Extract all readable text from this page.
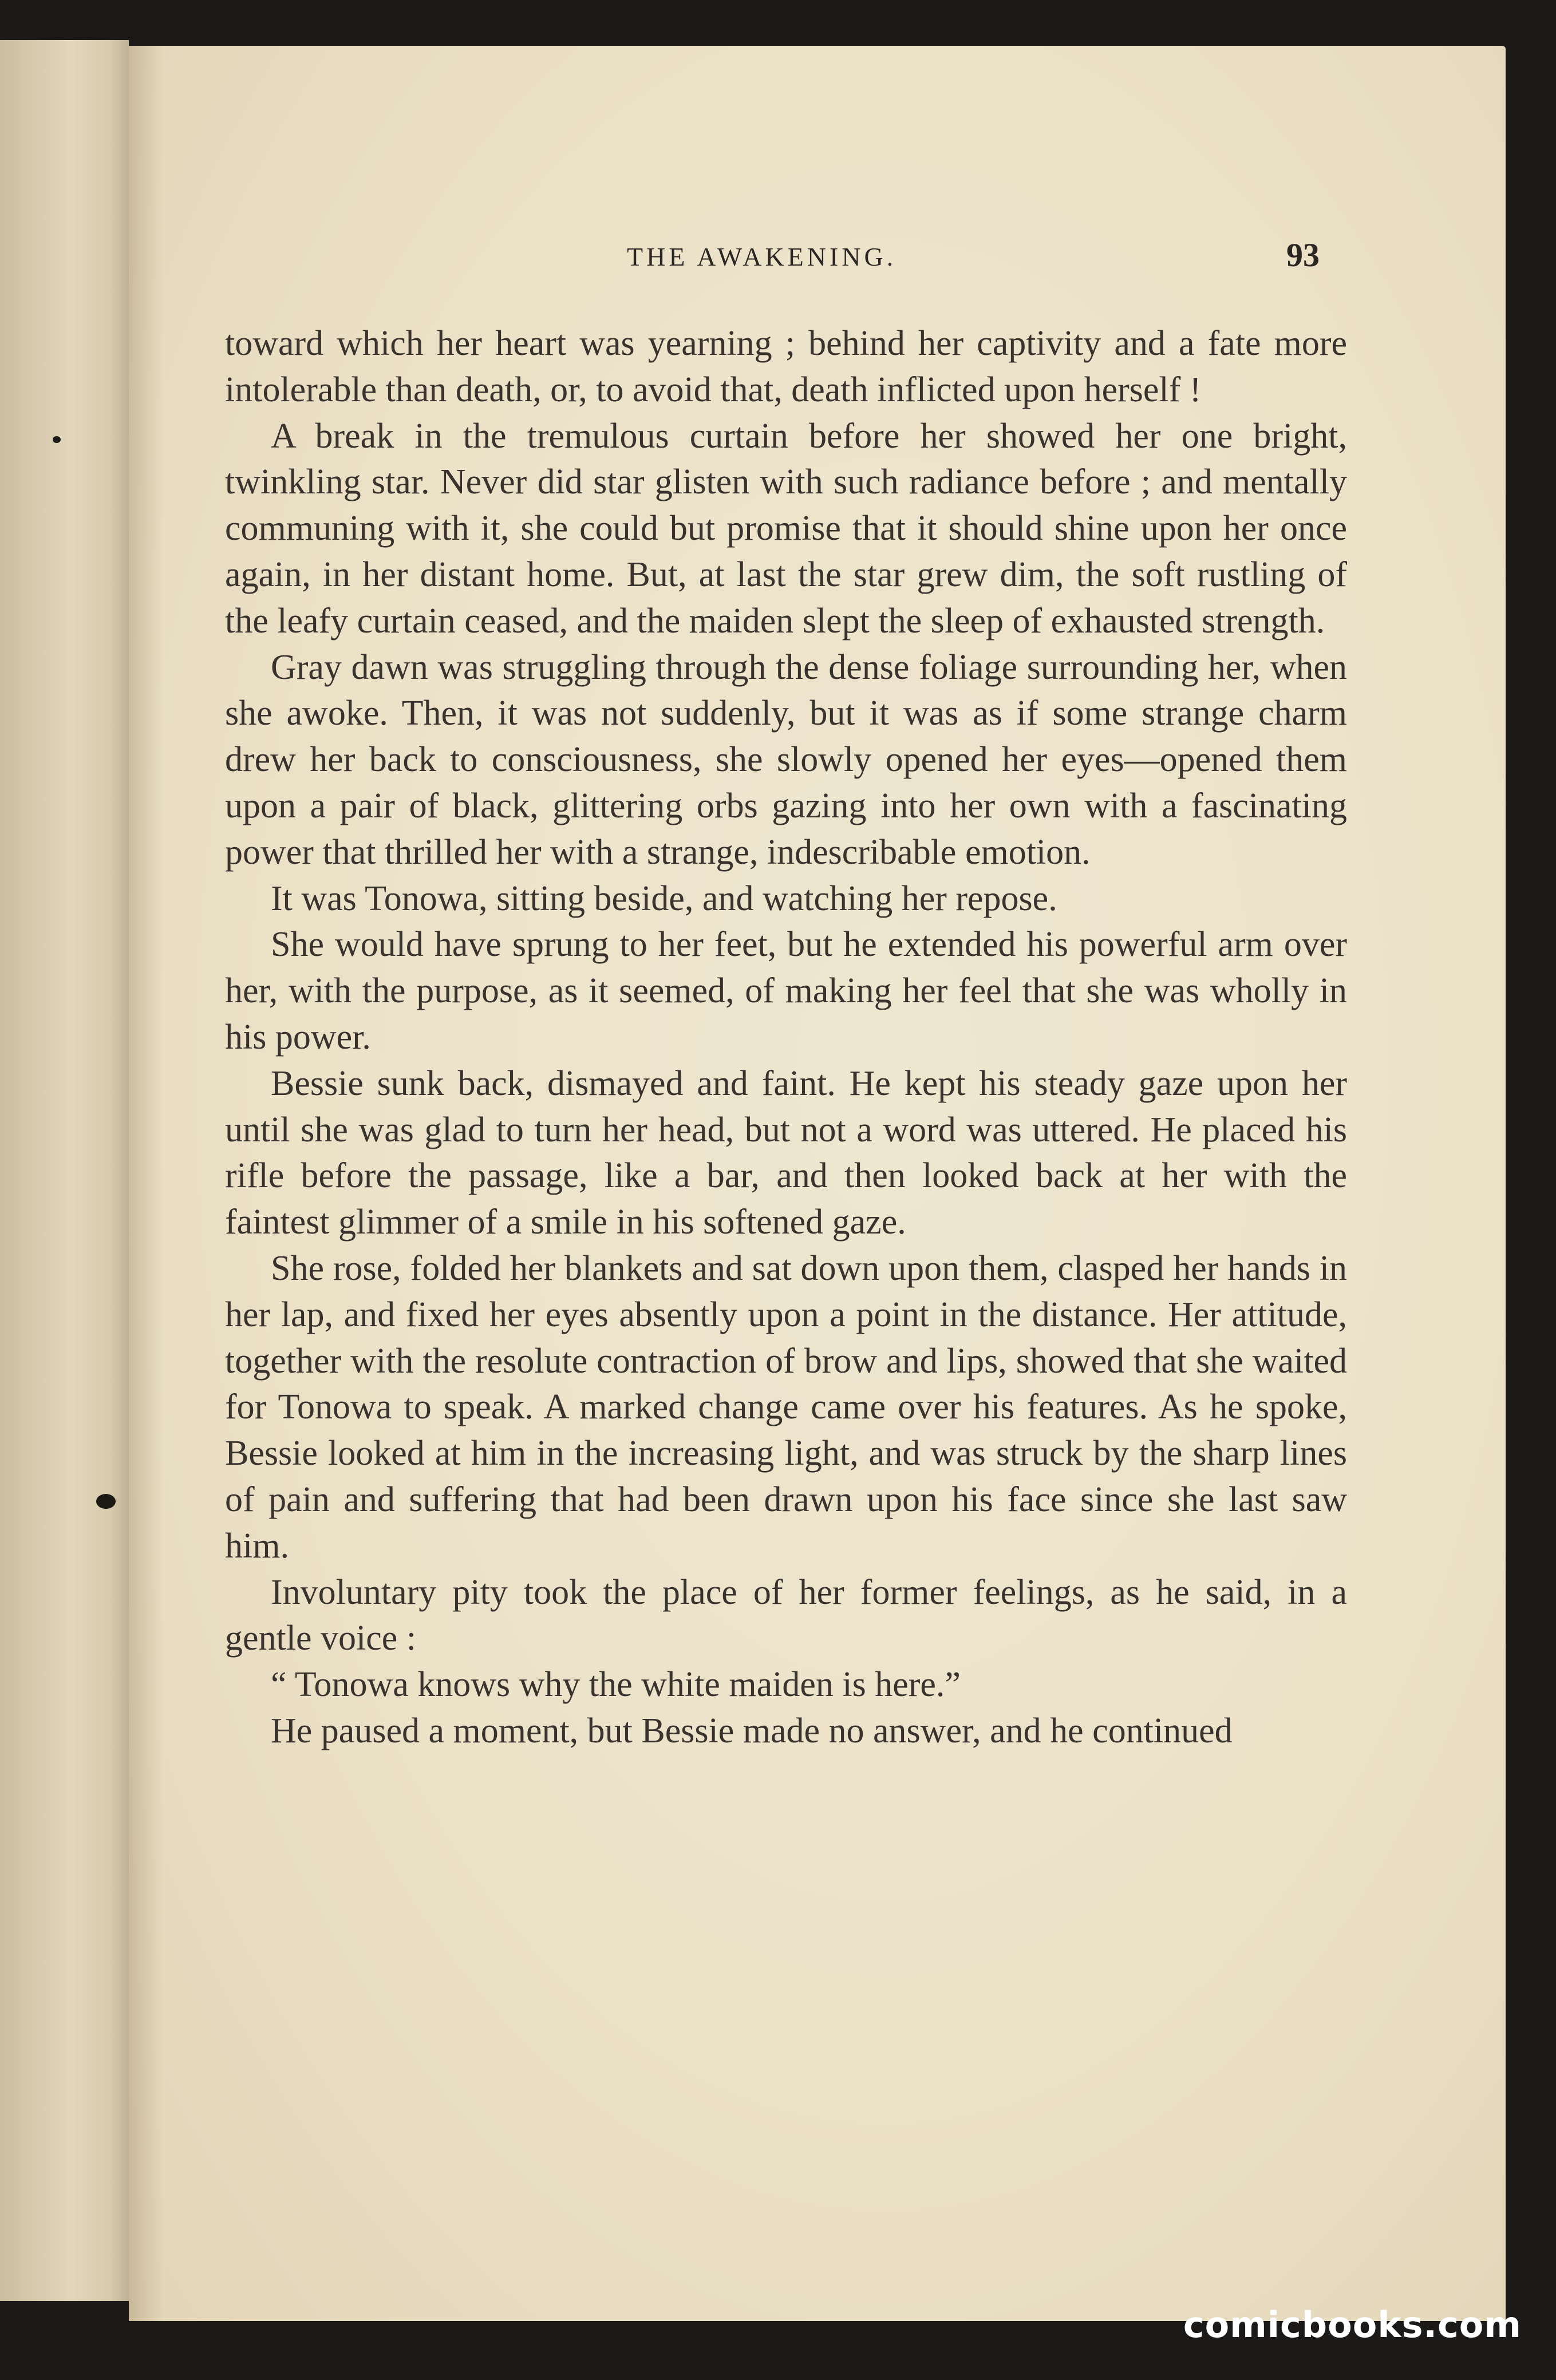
THE AWAKENING.	93

toward which her heart was yearning ; behind her captivity and a fate more intolerable than death, or, to avoid that, death inflicted upon herself !

A break in the tremulous curtain before her showed her one bright, twinkling star. Never did star glisten with such radiance before ; and mentally communing with it, she could but promise that it should shine upon her once again, in her distant home. But, at last the star grew dim, the soft rustling of the leafy curtain ceased, and the maiden slept the sleep of exhausted strength.

Gray dawn was struggling through the dense foliage surrounding her, when she awoke. Then, it was not suddenly, but it was as if some strange charm drew her back to consciousness, she slowly opened her eyes—opened them upon a pair of black, glittering orbs gazing into her own with a fascinating power that thrilled her with a strange, indescribable emotion.

It was Tonowa, sitting beside, and watching her repose.

She would have sprung to her feet, but he extended his powerful arm over her, with the purpose, as it seemed, of making her feel that she was wholly in his power.

Bessie sunk back, dismayed and faint. He kept his steady gaze upon her until she was glad to turn her head, but not a word was uttered. He placed his rifle before the passage, like a bar, and then looked back at her with the faintest glimmer of a smile in his softened gaze.

She rose, folded her blankets and sat down upon them, clasped her hands in her lap, and fixed her eyes absently upon a point in the distance. Her attitude, together with the resolute contraction of brow and lips, showed that she waited for Tonowa to speak. A marked change came over his features. As he spoke, Bessie looked at him in the increasing light, and was struck by the sharp lines of pain and suffering that had been drawn upon his face since she last saw him.

Involuntary pity took the place of her former feelings, as he said, in a gentle voice :

“ Tonowa knows why the white maiden is here.”

He paused a moment, but Bessie made no answer, and he continued

comicbooks.com
